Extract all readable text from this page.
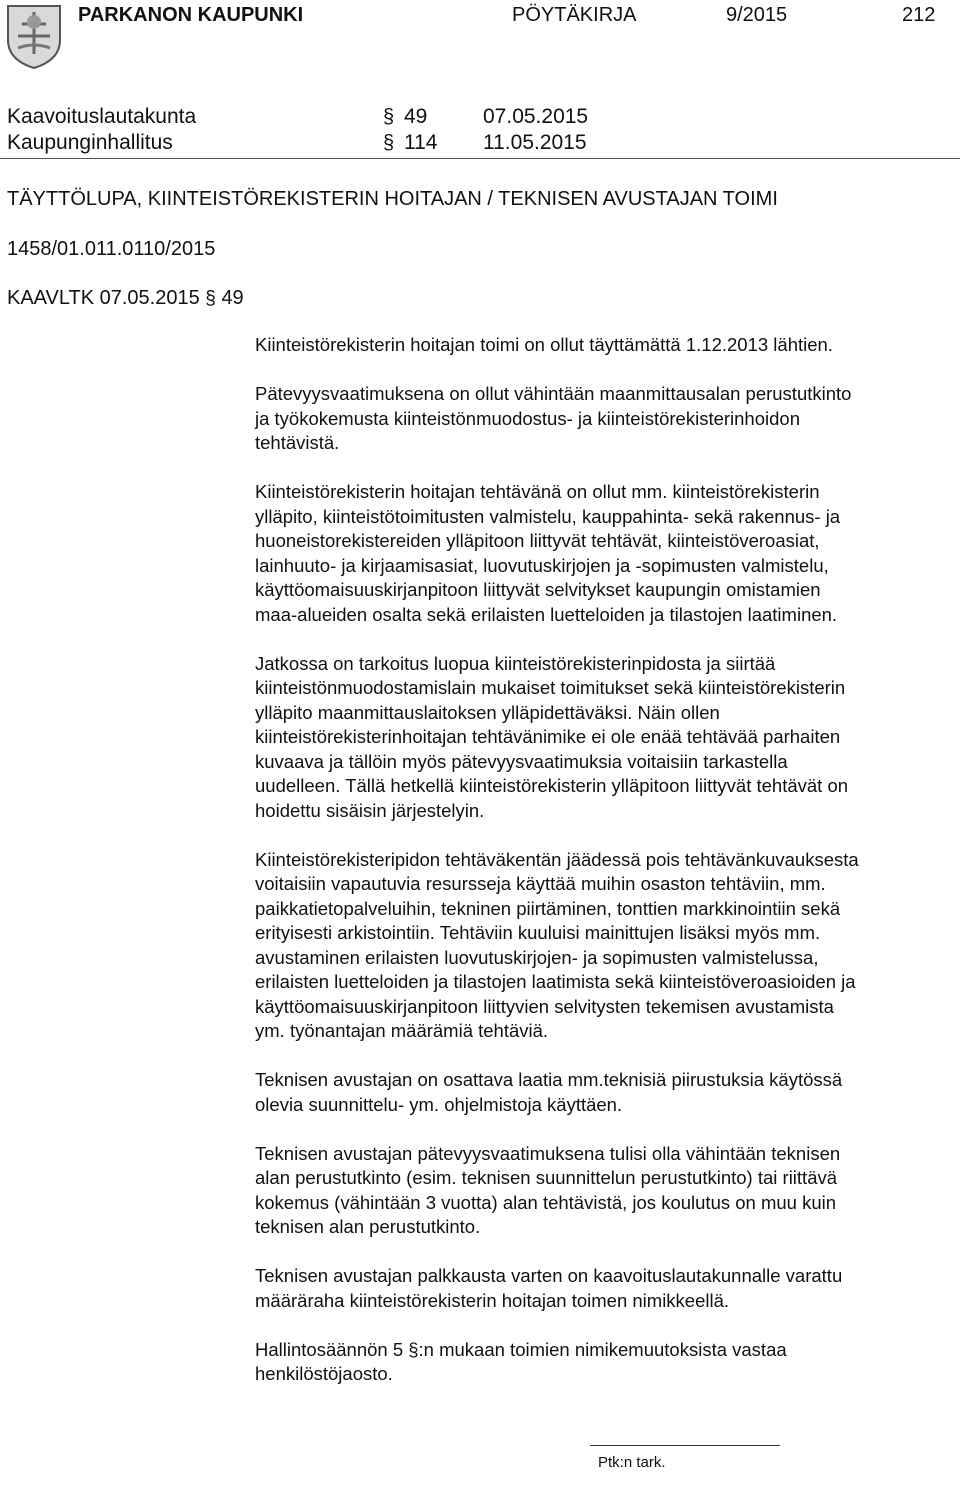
PARKANON KAUPUNKI	PÖYTÄKIRJA	9/2015	212
Kaavoituslautakunta	§ 49	07.05.2015
Kaupunginhallitus	§ 114 11.05.2015
TÄYTTÖLUPA, KIINTEISTÖREKISTERIN HOITAJAN / TEKNISEN AVUSTAJAN TOIMI
1458/01.011.0110/2015
KAAVLTK 07.05.2015 § 49

Kiinteistörekisterin hoitajan toimi on ollut täyttämättä 1.12.2013 lähtien.

Pätevyysvaatimuksena on ollut vähintään maanmittausalan perustutkinto
ja työkokemusta kiinteistönmuodostus- ja kiinteistörekisterinhoidon
tehtävistä.

Kiinteistörekisterin hoitajan tehtävänä on ollut mm. kiinteistörekisterin
ylläpito, kiinteistötoimitusten valmistelu, kauppahinta- sekä rakennus- ja
huoneistorekistereiden ylläpitoon liittyvät tehtävät, kiinteistöveroasiat,
lainhuuto- ja kirjaamisasiat, luovutuskirjojen ja -sopimusten valmistelu,
käyttöomaisuuskirjanpitoon liittyvät selvitykset kaupungin omistamien
maa-alueiden osalta sekä erilaisten luetteloiden ja tilastojen laatiminen.

Jatkossa on tarkoitus luopua kiinteistörekisterinpidosta ja siirtää
kiinteistönmuodostamislain mukaiset toimitukset sekä kiinteistörekisterin
ylläpito maanmittauslaitoksen ylläpidettäväksi. Näin ollen
kiinteistörekisterinhoitajan tehtävänimike ei ole enää tehtävää parhaiten
kuvaava ja tällöin myös pätevyysvaatimuksia voitaisiin tarkastella
uudelleen. Tällä hetkellä kiinteistörekisterin ylläpitoon liittyvät tehtävät on
hoidettu sisäisin järjestelyin.

Kiinteistörekisteripidon tehtäväkentän jäädessä pois tehtävänkuvauksesta
voitaisiin vapautuvia resursseja käyttää muihin osaston tehtäviin, mm.
paikkatietopalveluihin, tekninen piirtäminen, tonttien markkinointiin sekä
erityisesti arkistointiin. Tehtäviin kuuluisi mainittujen lisäksi myös mm.
avustaminen erilaisten luovutuskirjojen- ja sopimusten valmistelussa,
erilaisten luetteloiden ja tilastojen laatimista sekä kiinteistöveroasioiden ja
käyttöomaisuuskirjanpitoon liittyvien selvitysten tekemisen avustamista
ym. työnantajan määrämiä tehtäviä.

Teknisen avustajan on osattava laatia mm.teknisiä piirustuksia käytössä
olevia suunnittelu- ym. ohjelmistoja käyttäen.

Teknisen avustajan pätevyysvaatimuksena tulisi olla vähintään teknisen
alan perustutkinto (esim. teknisen suunnittelun perustutkinto) tai riittävä
kokemus (vähintään 3 vuotta) alan tehtävistä, jos koulutus on muu kuin
teknisen alan perustutkinto.

Teknisen avustajan palkkausta varten on kaavoituslautakunnalle varattu
määräraha kiinteistörekisterin hoitajan toimen nimikkeellä.

Hallintosäännön 5 §:n mukaan toimien nimikemuutoksista vastaa
henkilöstöjaosto.

Ptk:n tark.
